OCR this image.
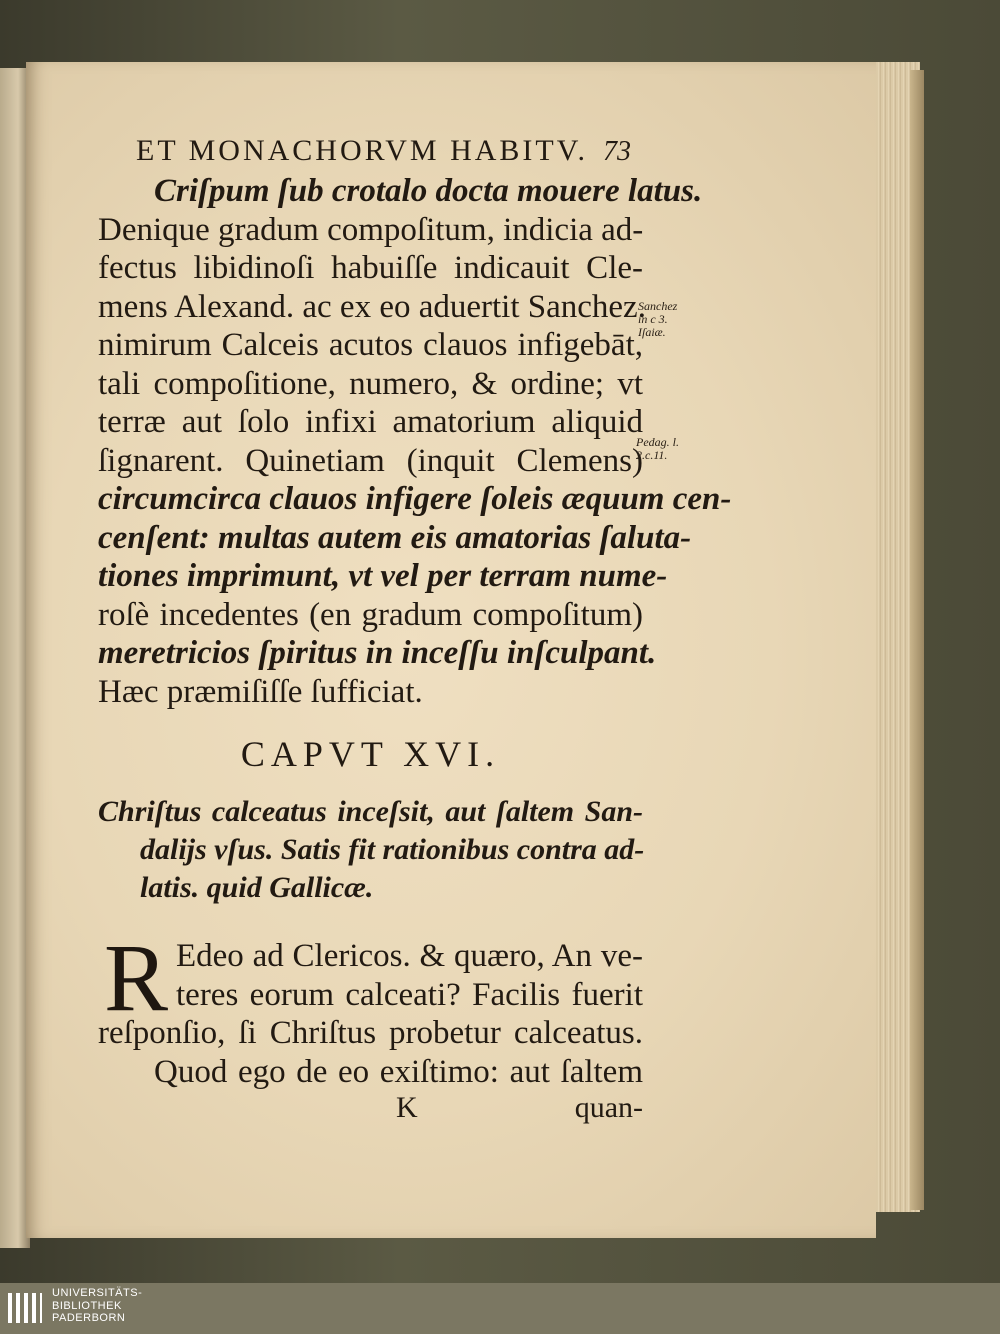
ET MONACHORVM HABITV. 73
Criſpum ſub crotalo docta mouere latus.
Denique gradum compoſitum, indicia ad-
fectus libidinoſi habuiſſe indicauit Cle-
mens Alexand. ac ex eo aduertit Sanchez.
nimirum Calceis acutos clauos infigebāt,
tali compoſitione, numero, & ordine; vt
terræ aut ſolo infixi amatorium aliquid
ſignarent. Quinetiam (inquit Clemens)
circumcirca clauos infigere ſoleis æquum cen-
cenſent: multas autem eis amatorias ſaluta-
tiones imprimunt, vt vel per terram nume-
roſè incedentes (en gradum compoſitum)
meretricios ſpiritus in inceſſu inſculpant.
Hæc præmiſiſſe ſufficiat.
CAPVT XVI.
Chriſtus calceatus inceſsit, aut ſaltem San-
dalijs vſus. Satis fit rationibus contra ad-
latis. quid Gallicæ.
R Edeo ad Clericos. & quæro, An ve-
teres eorum calceati? Facilis fuerit
reſponſio, ſi Chriſtus probetur calceatus.
Quod ego de eo exiſtimo: aut ſaltem
K	quan-
Sanchez
in c 3.
Iſaiæ.
Pedag. l.
2.c.11.
UNIVERSITÄTS-
BIBLIOTHEK
PADERBORN
